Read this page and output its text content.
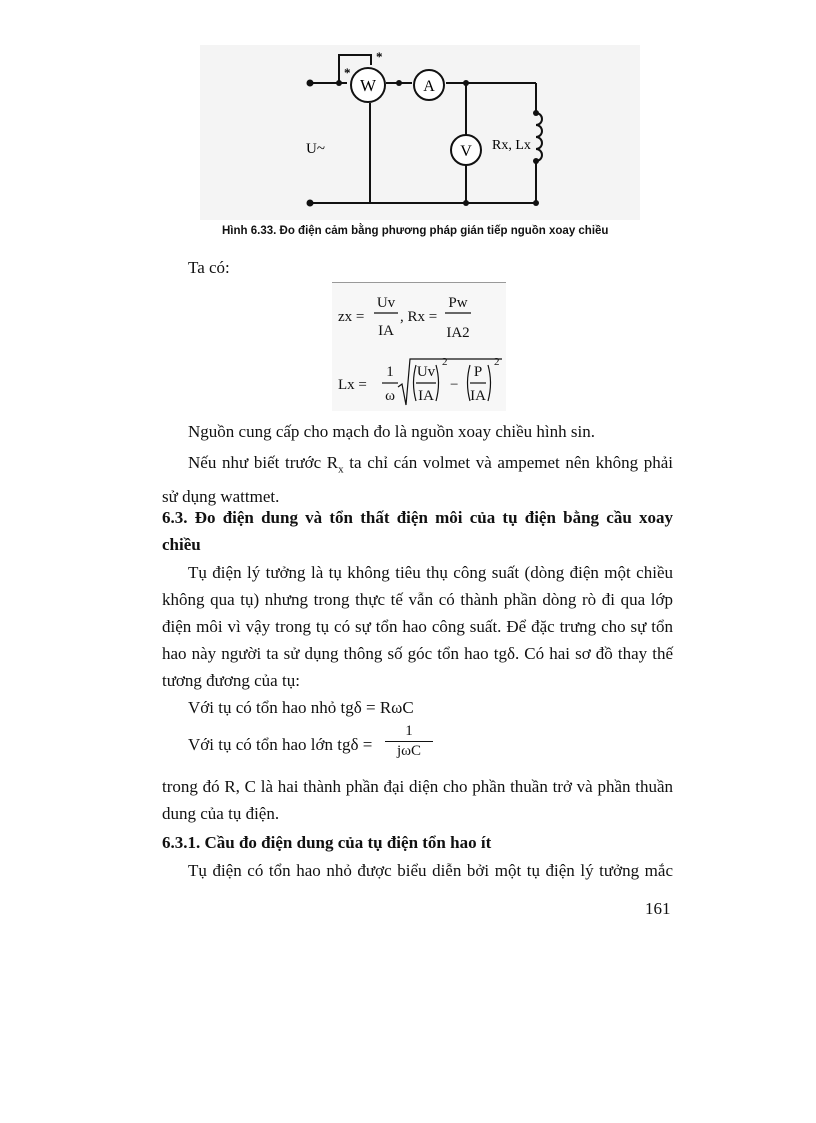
W	A
V
*
*
U~	Rx, Lx
Hình 6.33. Đo điện cảm bằng phương pháp gián tiếp nguồn xoay chiều
Ta có:
zx =
Uv
IA
, Rx =
Pw
IA2
Lx =
1
ω
Uv
IA
2
−
P
IA
2
Nguồn cung cấp cho mạch đo là nguồn xoay chiều hình sin.
Nếu như biết trước $R_x$ ta chỉ cán volmet và ampemet nên không phải sử dụng wattmet.
6.3. Đo điện dung và tổn thất điện môi của tụ điện bằng cầu xoay chiều
Tụ điện lý tưởng là tụ không tiêu thụ công suất (dòng điện một chiều không qua tụ) nhưng trong thực tế vẫn có thành phần dòng rò đi qua lớp điện môi vì vậy trong tụ có sự tổn hao công suất. Để đặc trưng cho sự tổn hao này người ta sử dụng thông số góc tổn hao tgδ. Có hai sơ đồ thay thế tương đương của tụ:
Với tụ có tổn hao nhỏ tgδ = RωC
Với tụ có tổn hao lớn tgδ =
1
jωC
trong đó R, C là hai thành phần đại diện cho phần thuần trở và phần thuần dung của tụ điện.
6.3.1. Cầu đo điện dung của tụ điện tổn hao ít
Tụ điện có tổn hao nhỏ được biểu diễn bởi một tụ điện lý tưởng mắc
161
